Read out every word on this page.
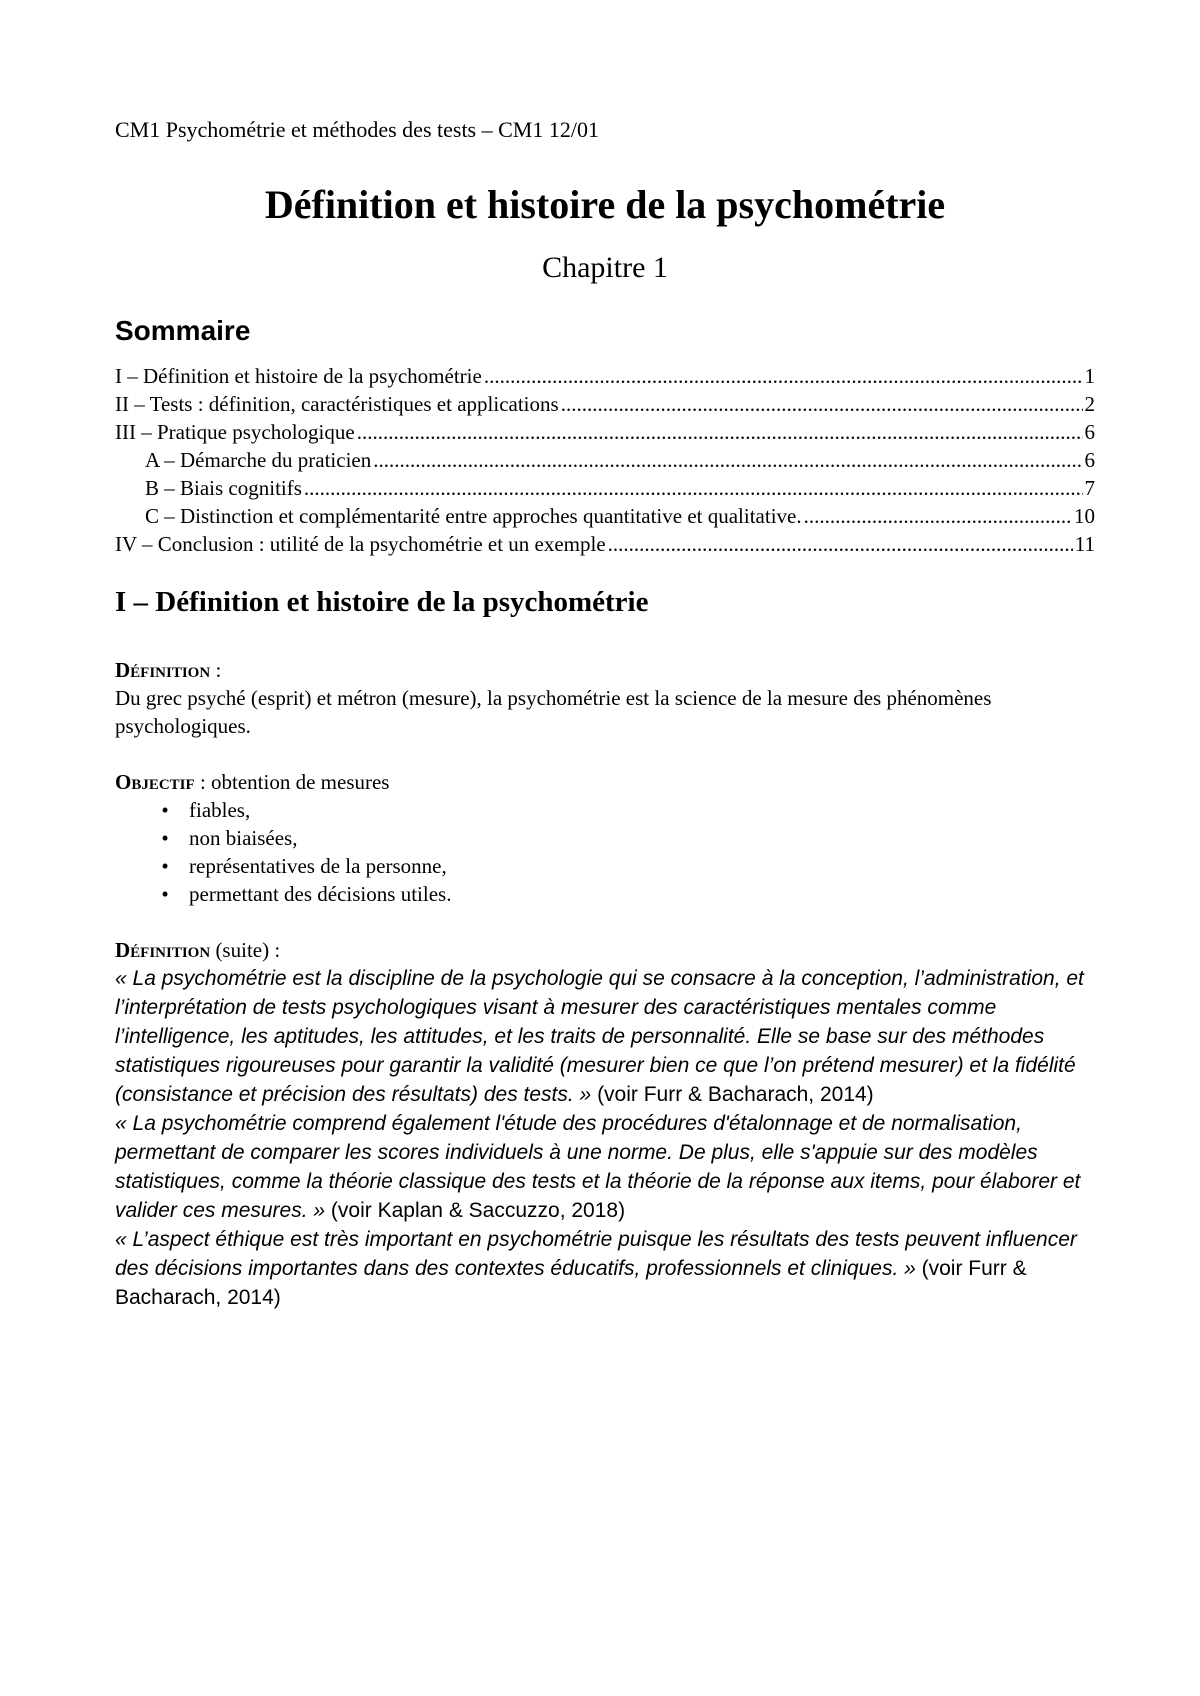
CM1 Psychométrie et méthodes des tests – CM1 12/01

Définition et histoire de la psychométrie
Chapitre 1
Sommaire
I – Définition et histoire de la psychométrie .....	1
II – Tests : définition, caractéristiques et applications .....	2
III – Pratique psychologique .....	6
A – Démarche du praticien .....	6
B – Biais cognitifs .....	7
C – Distinction et complémentarité entre approches quantitative et qualitative. .....	10
IV – Conclusion : utilité de la psychométrie et un exemple .....	11
I – Définition et histoire de la psychométrie

Définition :

Du grec psyché (esprit) et métron (mesure), la psychométrie est la science de la mesure des phénomènes psychologiques.

Objectif : obtention de mesures

• fiables,
• non biaisées,
• représentatives de la personne,
• permettant des décisions utiles.

Définition (suite) :

« La psychométrie est la discipline de la psychologie qui se consacre à la conception, l’administration, et l’interprétation de tests psychologiques visant à mesurer des caractéristiques mentales comme l’intelligence, les aptitudes, les attitudes, et les traits de personnalité. Elle se base sur des méthodes statistiques rigoureuses pour garantir la validité (mesurer bien ce que l’on prétend mesurer) et la fidélité (consistance et précision des résultats) des tests. » (voir Furr & Bacharach, 2014)

« La psychométrie comprend également l'étude des procédures d'étalonnage et de normalisation, permettant de comparer les scores individuels à une norme. De plus, elle s'appuie sur des modèles statistiques, comme la théorie classique des tests et la théorie de la réponse aux items, pour élaborer et valider ces mesures. » (voir Kaplan & Saccuzzo, 2018)

« L’aspect éthique est très important en psychométrie puisque les résultats des tests peuvent influencer des décisions importantes dans des contextes éducatifs, professionnels et cliniques. » (voir Furr & Bacharach, 2014)
